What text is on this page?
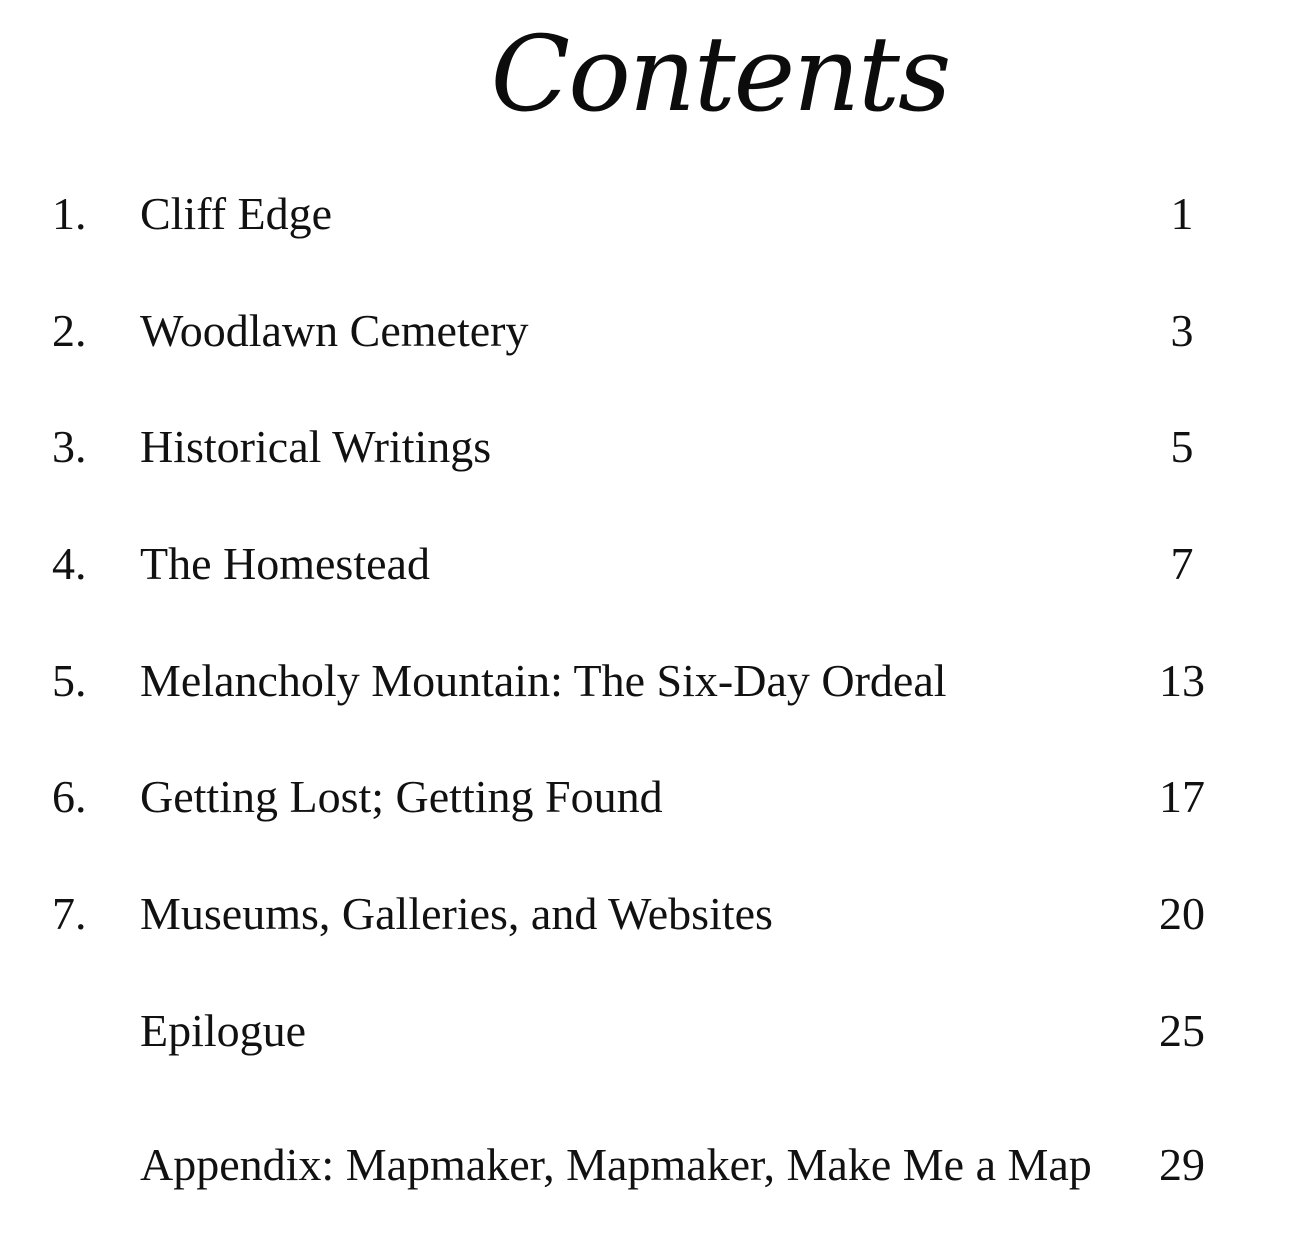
Contents
1. Cliff Edge	1
2. Woodlawn Cemetery	3
3. Historical Writings	5
4. The Homestead	7
5. Melancholy Mountain: The Six-Day Ordeal	13
6. Getting Lost; Getting Found	17
7. Museums, Galleries, and Websites	20
Epilogue	25
Appendix: Mapmaker, Mapmaker, Make Me a Map	29
